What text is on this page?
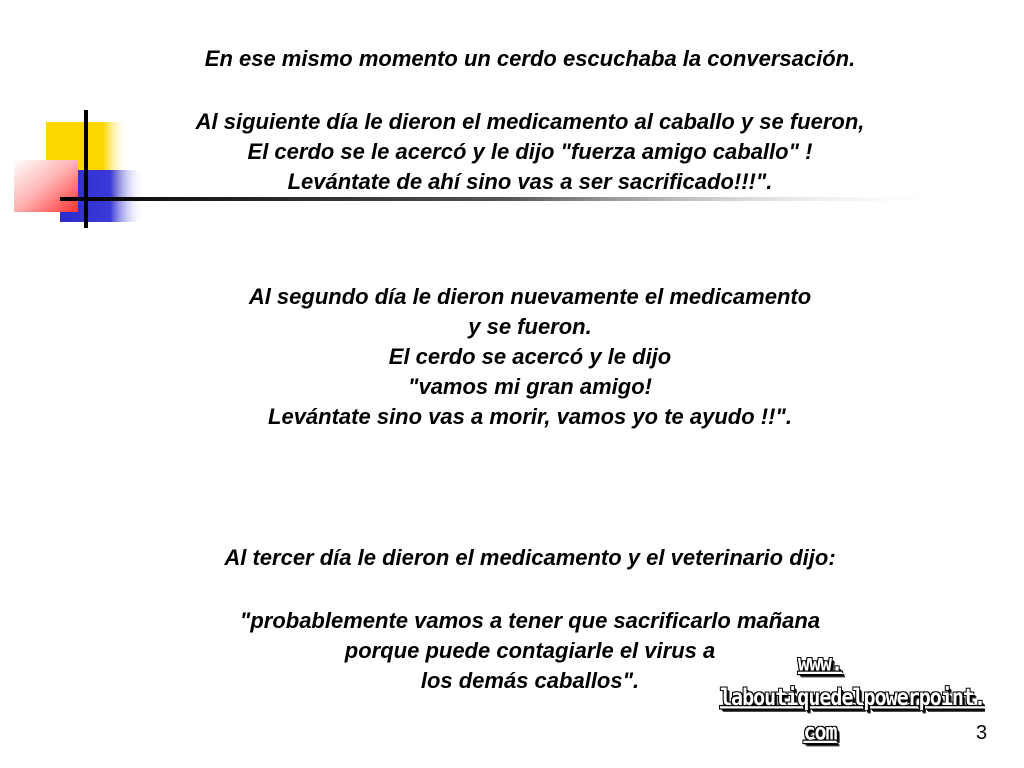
En ese mismo momento un cerdo escuchaba la conversación.
Al siguiente día le dieron el medicamento al caballo y se fueron,
El cerdo se le acercó y le dijo "fuerza amigo caballo" !
Levántate de ahí sino vas a ser sacrificado!!!".
Al segundo día le dieron nuevamente el medicamento
y se fueron.
El cerdo se acercó y le dijo
"vamos mi gran amigo!
Levántate sino vas a morir, vamos yo te ayudo !!".
Al tercer día le dieron el medicamento y el veterinario dijo:
"probablemente vamos a tener que sacrificarlo mañana
porque puede contagiarle el virus a
los demás caballos".
www.
laboutiquedelpowerpoint.
com	3
